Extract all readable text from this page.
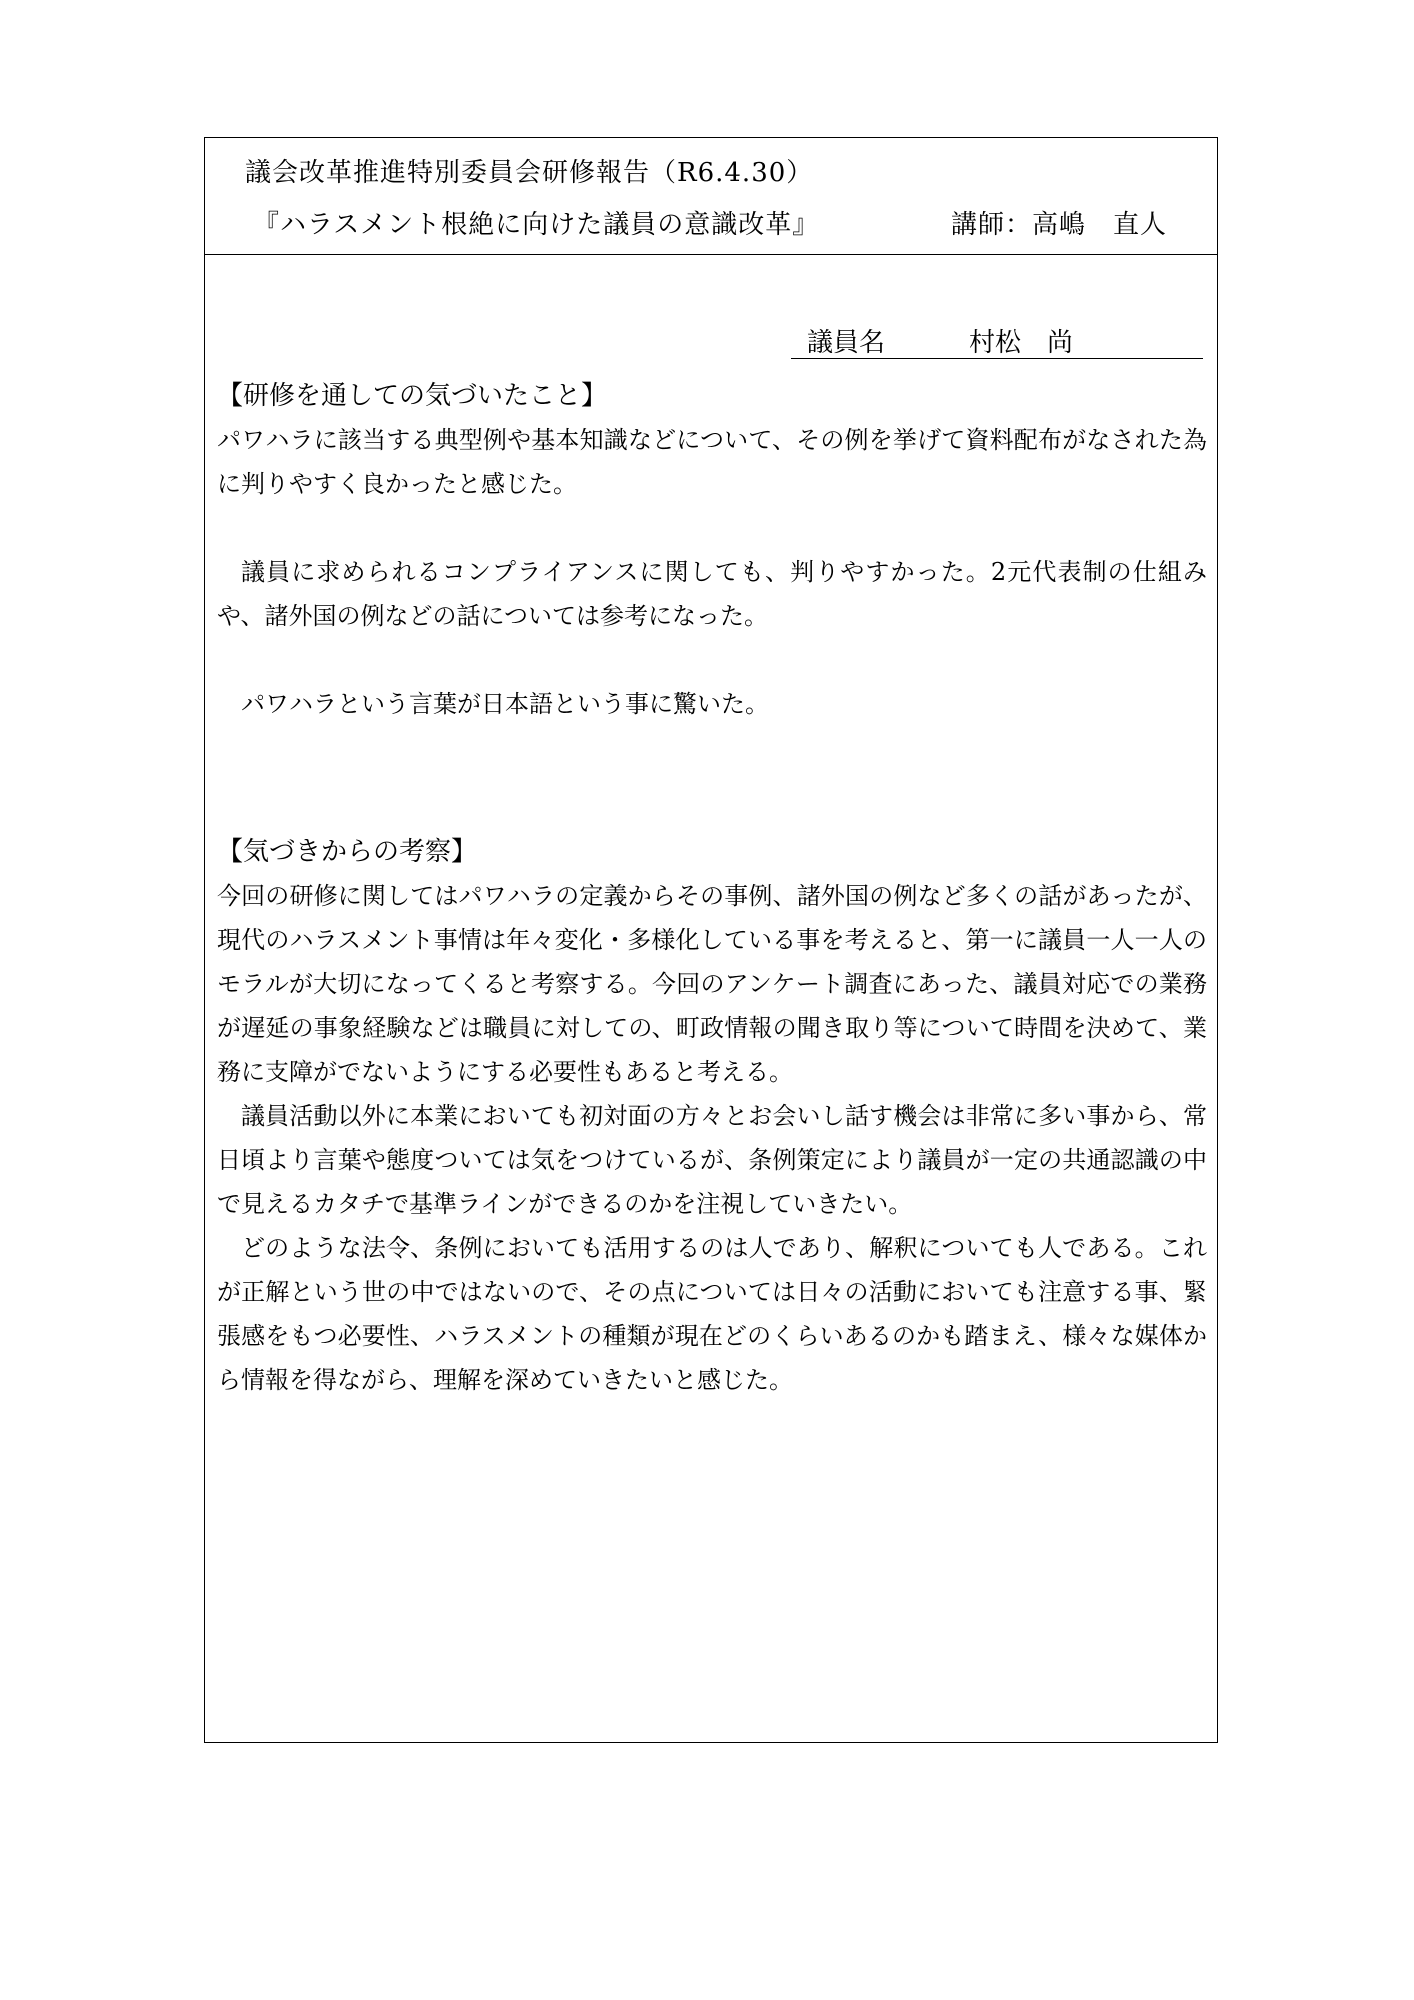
議会改革推進特別委員会研修報告（R6.4.30）
『ハラスメント根絶に向けた議員の意識改革』	講師：高嶋　直人
議員名	村松　尚
【研修を通しての気づいたこと】

パワハラに該当する典型例や基本知識などについて、その例を挙げて資料配布がなされた為に判りやすく良かったと感じた。

議員に求められるコンプライアンスに関しても、判りやすかった。2元代表制の仕組みや、諸外国の例などの話については参考になった。

パワハラという言葉が日本語という事に驚いた。

【気づきからの考察】

今回の研修に関してはパワハラの定義からその事例、諸外国の例など多くの話があったが、現代のハラスメント事情は年々変化・多様化している事を考えると、第一に議員一人一人のモラルが大切になってくると考察する。今回のアンケート調査にあった、議員対応での業務が遅延の事象経験などは職員に対しての、町政情報の聞き取り等について時間を決めて、業務に支障がでないようにする必要性もあると考える。

議員活動以外に本業においても初対面の方々とお会いし話す機会は非常に多い事から、常日頃より言葉や態度ついては気をつけているが、条例策定により議員が一定の共通認識の中で見えるカタチで基準ラインができるのかを注視していきたい。

どのような法令、条例においても活用するのは人であり、解釈についても人である。これが正解という世の中ではないので、その点については日々の活動においても注意する事、緊張感をもつ必要性、ハラスメントの種類が現在どのくらいあるのかも踏まえ、様々な媒体から情報を得ながら、理解を深めていきたいと感じた。
